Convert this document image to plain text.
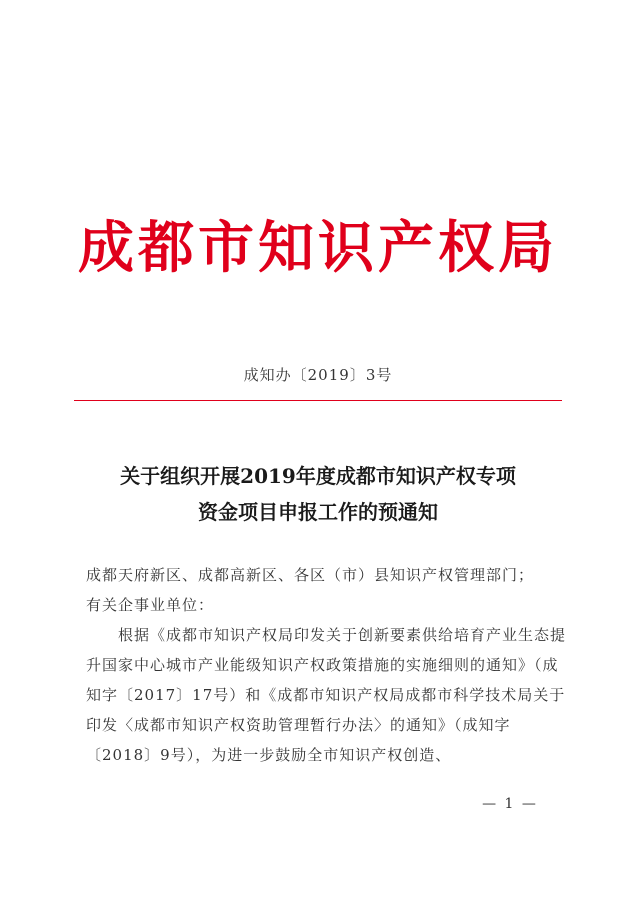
成都市知识产权局
成知办〔2019〕3号
关于组织开展2019年度成都市知识产权专项
资金项目申报工作的预通知

成都天府新区、成都高新区、各区（市）县知识产权管理部门；

有关企事业单位：

根据《成都市知识产权局印发关于创新要素供给培育产业生态提升国家中心城市产业能级知识产权政策措施的实施细则的通知》（成知字〔2017〕17号）和《成都市知识产权局成都市科学技术局关于印发〈成都市知识产权资助管理暂行办法〉的通知》（成知字〔2018〕9号），为进一步鼓励全市知识产权创造、

— 1 —
